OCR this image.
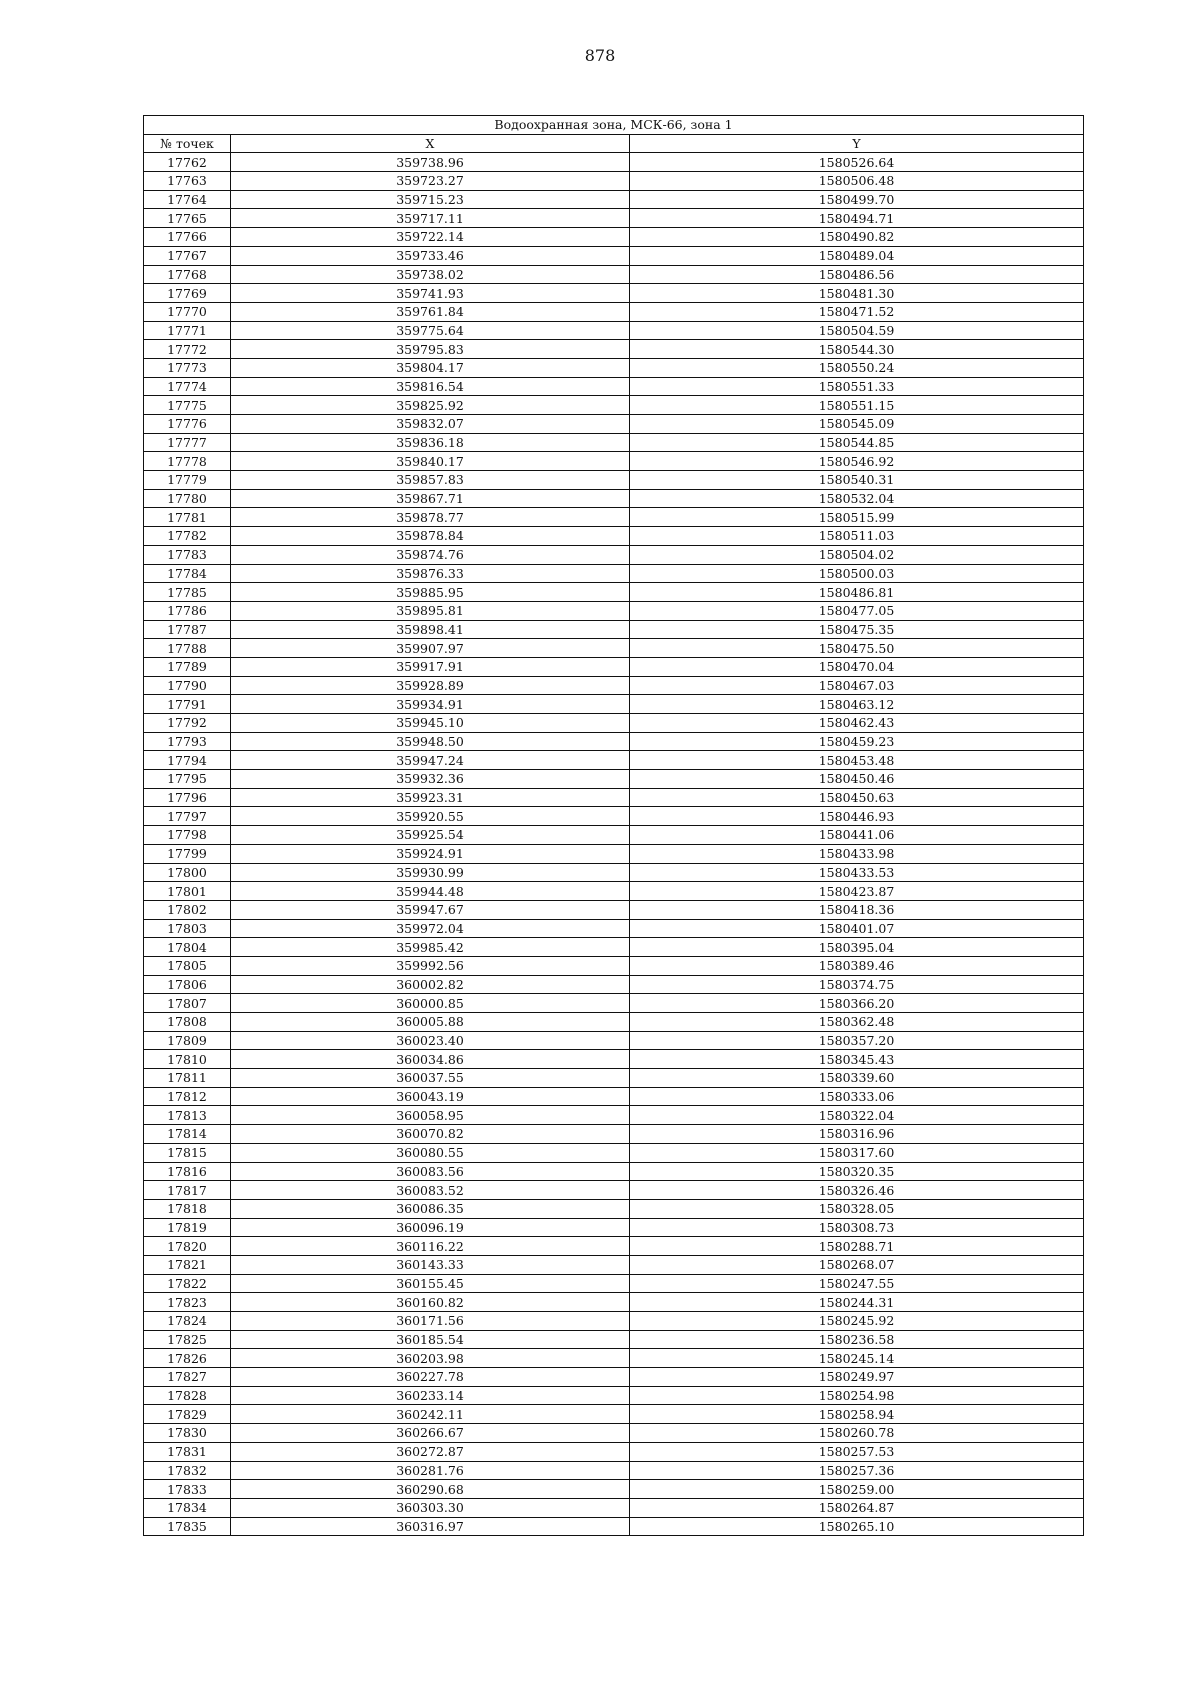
878
Водоохранная зона, МСК-66, зона 1		
№ точек	X	Y
17762	359738.96	1580526.64
17763	359723.27	1580506.48
17764	359715.23	1580499.70
17765	359717.11	1580494.71
17766	359722.14	1580490.82
17767	359733.46	1580489.04
17768	359738.02	1580486.56
17769	359741.93	1580481.30
17770	359761.84	1580471.52
17771	359775.64	1580504.59
17772	359795.83	1580544.30
17773	359804.17	1580550.24
17774	359816.54	1580551.33
17775	359825.92	1580551.15
17776	359832.07	1580545.09
17777	359836.18	1580544.85
17778	359840.17	1580546.92
17779	359857.83	1580540.31
17780	359867.71	1580532.04
17781	359878.77	1580515.99
17782	359878.84	1580511.03
17783	359874.76	1580504.02
17784	359876.33	1580500.03
17785	359885.95	1580486.81
17786	359895.81	1580477.05
17787	359898.41	1580475.35
17788	359907.97	1580475.50
17789	359917.91	1580470.04
17790	359928.89	1580467.03
17791	359934.91	1580463.12
17792	359945.10	1580462.43
17793	359948.50	1580459.23
17794	359947.24	1580453.48
17795	359932.36	1580450.46
17796	359923.31	1580450.63
17797	359920.55	1580446.93
17798	359925.54	1580441.06
17799	359924.91	1580433.98
17800	359930.99	1580433.53
17801	359944.48	1580423.87
17802	359947.67	1580418.36
17803	359972.04	1580401.07
17804	359985.42	1580395.04
17805	359992.56	1580389.46
17806	360002.82	1580374.75
17807	360000.85	1580366.20
17808	360005.88	1580362.48
17809	360023.40	1580357.20
17810	360034.86	1580345.43
17811	360037.55	1580339.60
17812	360043.19	1580333.06
17813	360058.95	1580322.04
17814	360070.82	1580316.96
17815	360080.55	1580317.60
17816	360083.56	1580320.35
17817	360083.52	1580326.46
17818	360086.35	1580328.05
17819	360096.19	1580308.73
17820	360116.22	1580288.71
17821	360143.33	1580268.07
17822	360155.45	1580247.55
17823	360160.82	1580244.31
17824	360171.56	1580245.92
17825	360185.54	1580236.58
17826	360203.98	1580245.14
17827	360227.78	1580249.97
17828	360233.14	1580254.98
17829	360242.11	1580258.94
17830	360266.67	1580260.78
17831	360272.87	1580257.53
17832	360281.76	1580257.36
17833	360290.68	1580259.00
17834	360303.30	1580264.87
17835	360316.97	1580265.10
